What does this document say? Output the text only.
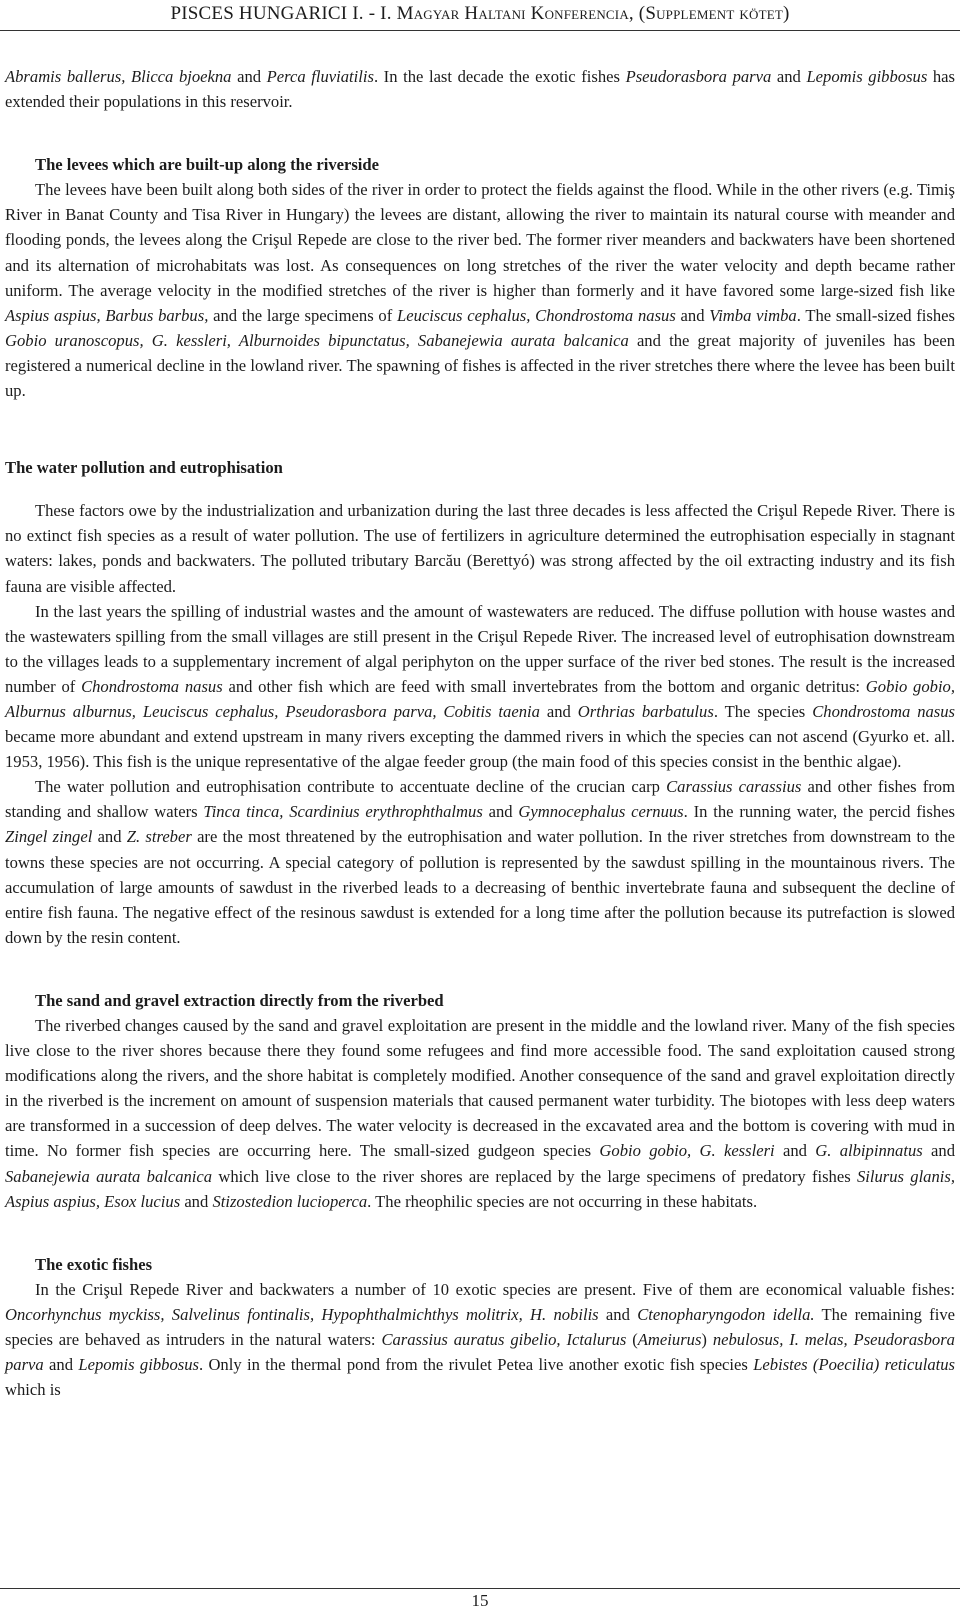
PISCES HUNGARICI I. - I. Magyar Haltani Konferencia, (Supplement kötet)

Abramis ballerus, Blicca bjoekna and Perca fluviatilis. In the last decade the exotic fishes Pseudorasbora parva and Lepomis gibbosus has extended their populations in this reservoir.

The levees which are built-up along the riverside

The levees have been built along both sides of the river in order to protect the fields against the flood. While in the other rivers (e.g. Timiş River in Banat County and Tisa River in Hungary) the levees are distant, allowing the river to maintain its natural course with meander and flooding ponds, the levees along the Crişul Repede are close to the river bed. The former river meanders and backwaters have been shortened and its alternation of microhabitats was lost. As consequences on long stretches of the river the water velocity and depth became rather uniform. The average velocity in the modified stretches of the river is higher than formerly and it have favored some large-sized fish like Aspius aspius, Barbus barbus, and the large specimens of Leuciscus cephalus, Chondrostoma nasus and Vimba vimba. The small-sized fishes Gobio uranoscopus, G. kessleri, Alburnoides bipunctatus, Sabanejewia aurata balcanica and the great majority of juveniles has been registered a numerical decline in the lowland river. The spawning of fishes is affected in the river stretches there where the levee has been built up.

The water pollution and eutrophisation

These factors owe by the industrialization and urbanization during the last three decades is less affected the Crişul Repede River. There is no extinct fish species as a result of water pollution. The use of fertilizers in agriculture determined the eutrophisation especially in stagnant waters: lakes, ponds and backwaters. The polluted tributary Barcău (Berettyó) was strong affected by the oil extracting industry and its fish fauna are visible affected.

In the last years the spilling of industrial wastes and the amount of wastewaters are reduced. The diffuse pollution with house wastes and the wastewaters spilling from the small villages are still present in the Crişul Repede River. The increased level of eutrophisation downstream to the villages leads to a supplementary increment of algal periphyton on the upper surface of the river bed stones. The result is the increased number of Chondrostoma nasus and other fish which are feed with small invertebrates from the bottom and organic detritus: Gobio gobio, Alburnus alburnus, Leuciscus cephalus, Pseudorasbora parva, Cobitis taenia and Orthrias barbatulus. The species Chondrostoma nasus became more abundant and extend upstream in many rivers excepting the dammed rivers in which the species can not ascend (Gyurko et. all. 1953, 1956). This fish is the unique representative of the algae feeder group (the main food of this species consist in the benthic algae).

The water pollution and eutrophisation contribute to accentuate decline of the crucian carp Carassius carassius and other fishes from standing and shallow waters Tinca tinca, Scardinius erythrophthalmus and Gymnocephalus cernuus. In the running water, the percid fishes Zingel zingel and Z. streber are the most threatened by the eutrophisation and water pollution. In the river stretches from downstream to the towns these species are not occurring. A special category of pollution is represented by the sawdust spilling in the mountainous rivers. The accumulation of large amounts of sawdust in the riverbed leads to a decreasing of benthic invertebrate fauna and subsequent the decline of entire fish fauna. The negative effect of the resinous sawdust is extended for a long time after the pollution because its putrefaction is slowed down by the resin content.

The sand and gravel extraction directly from the riverbed

The riverbed changes caused by the sand and gravel exploitation are present in the middle and the lowland river. Many of the fish species live close to the river shores because there they found some refugees and find more accessible food. The sand exploitation caused strong modifications along the rivers, and the shore habitat is completely modified. Another consequence of the sand and gravel exploitation directly in the riverbed is the increment on amount of suspension materials that caused permanent water turbidity. The biotopes with less deep waters are transformed in a succession of deep delves. The water velocity is decreased in the excavated area and the bottom is covering with mud in time. No former fish species are occurring here. The small-sized gudgeon species Gobio gobio, G. kessleri and G. albipinnatus and Sabanejewia aurata balcanica which live close to the river shores are replaced by the large specimens of predatory fishes Silurus glanis, Aspius aspius, Esox lucius and Stizostedion lucioperca. The rheophilic species are not occurring in these habitats.

The exotic fishes

In the Crişul Repede River and backwaters a number of 10 exotic species are present. Five of them are economical valuable fishes: Oncorhynchus myckiss, Salvelinus fontinalis, Hypophthalmichthys molitrix, H. nobilis and Ctenopharyngodon idella. The remaining five species are behaved as intruders in the natural waters: Carassius auratus gibelio, Ictalurus (Ameiurus) nebulosus, I. melas, Pseudorasbora parva and Lepomis gibbosus. Only in the thermal pond from the rivulet Petea live another exotic fish species Lebistes (Poecilia) reticulatus which is

15
